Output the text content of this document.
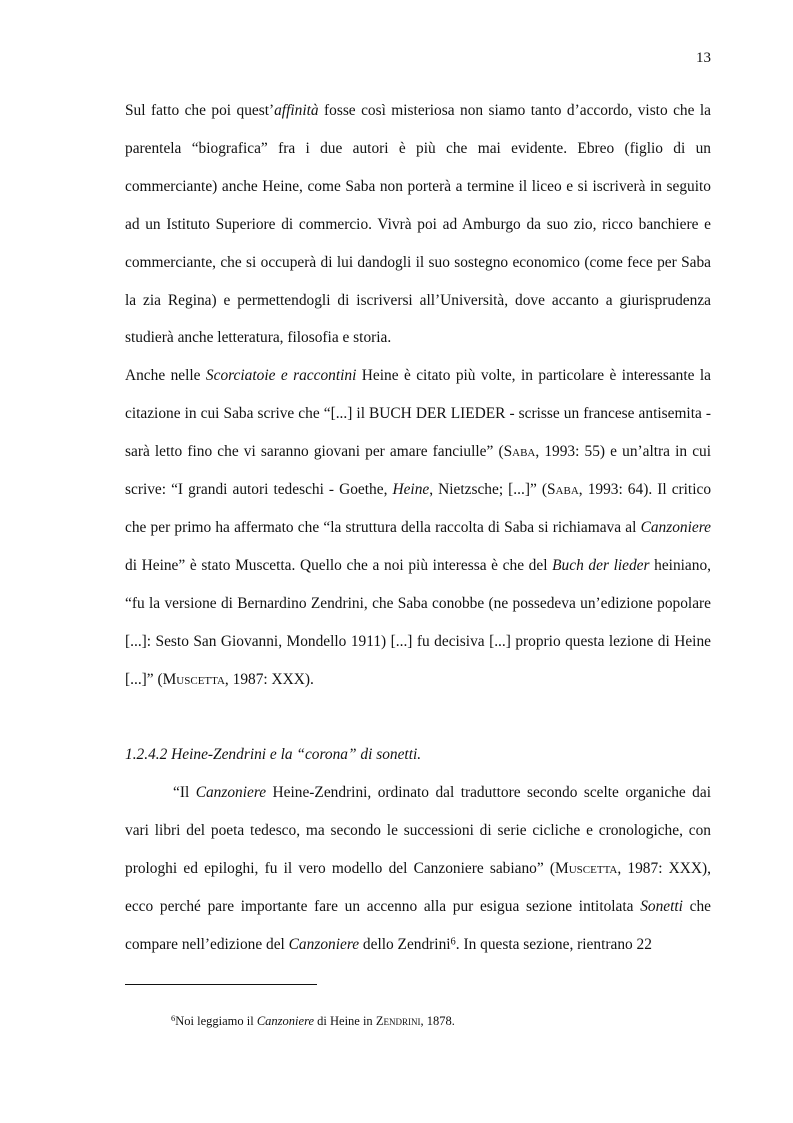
13

Sul fatto che poi quest’affinità fosse così misteriosa non siamo tanto d’accordo, visto che la parentela “biografica” fra i due autori è più che mai evidente. Ebreo (figlio di un commerciante) anche Heine, come Saba non porterà a termine il liceo e si iscriverà in seguito ad un Istituto Superiore di commercio. Vivrà poi ad Amburgo da suo zio, ricco banchiere e commerciante, che si occuperà di lui dandogli il suo sostegno economico (come fece per Saba la zia Regina) e permettendogli di iscriversi all’Università, dove accanto a giurisprudenza studierà anche letteratura, filosofia e storia.

Anche nelle Scorciatoie e raccontini Heine è citato più volte, in particolare è interessante la citazione in cui Saba scrive che “[...] il BUCH DER LIEDER - scrisse un francese antisemita - sarà letto fino che vi saranno giovani per amare fanciulle” (Saba, 1993: 55) e un’altra in cui scrive: “I grandi autori tedeschi - Goethe, Heine, Nietzsche; [...]” (Saba, 1993: 64). Il critico che per primo ha affermato che “la struttura della raccolta di Saba si richiamava al Canzoniere di Heine” è stato Muscetta. Quello che a noi più interessa è che del Buch der lieder heiniano, “fu la versione di Bernardino Zendrini, che Saba conobbe (ne possedeva un’edizione popolare [...]: Sesto San Giovanni, Mondello 1911) [...] fu decisiva [...] proprio questa lezione di Heine [...]” (Muscetta, 1987: XXX).

1.2.4.2 Heine-Zendrini e la “corona” di sonetti.

“Il Canzoniere Heine-Zendrini, ordinato dal traduttore secondo scelte organiche dai vari libri del poeta tedesco, ma secondo le successioni di serie cicliche e cronologiche, con prologhi ed epiloghi, fu il vero modello del Canzoniere sabiano” (Muscetta, 1987: XXX), ecco perché pare importante fare un accenno alla pur esigua sezione intitolata Sonetti che compare nell’edizione del Canzoniere dello Zendrini$^6$. In questa sezione, rientrano 22

$^6$Noi leggiamo il Canzoniere di Heine in Zendrini, 1878.
